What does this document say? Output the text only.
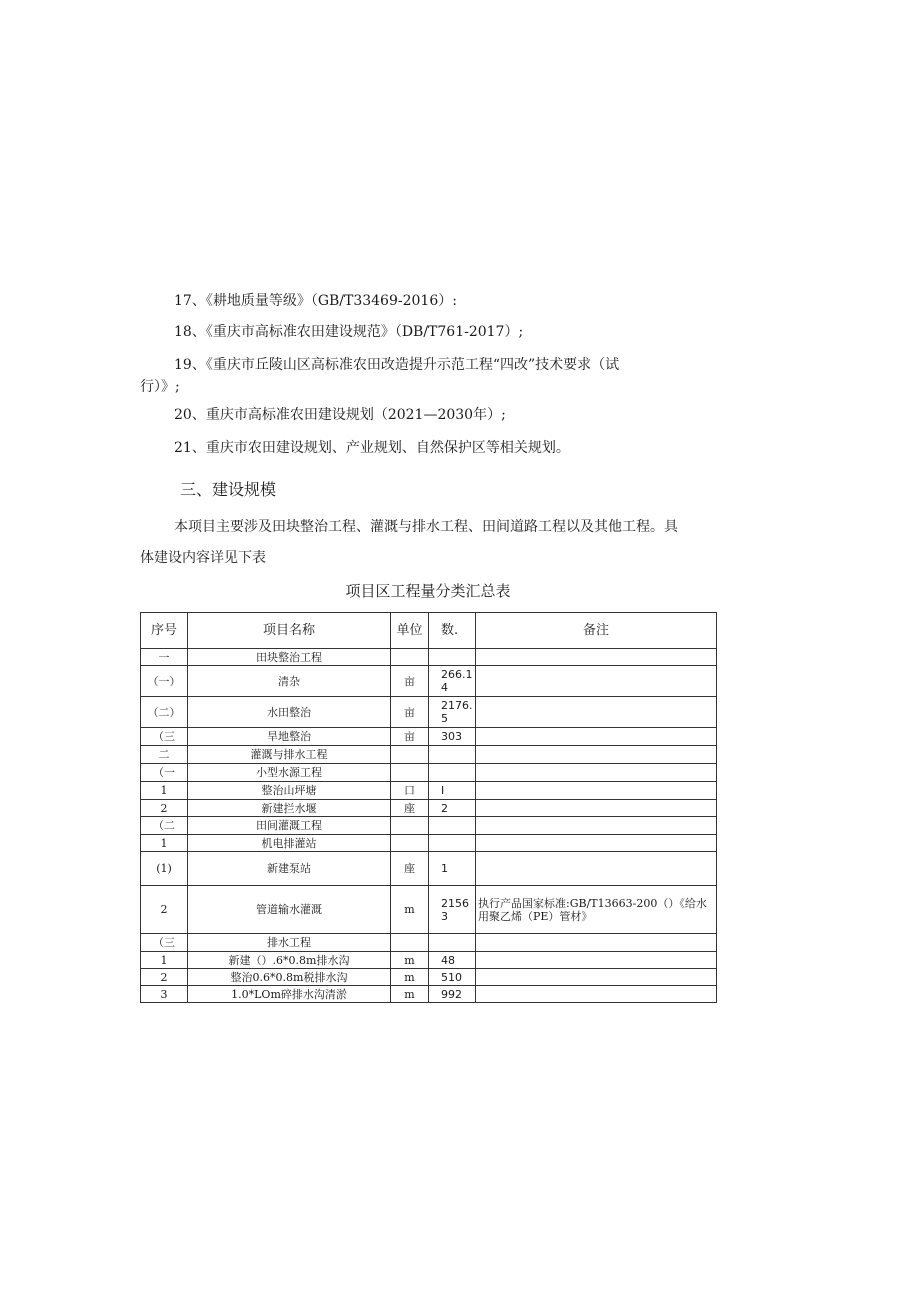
17、《耕地质量等级》（GB/T33469-2016）:
18、《重庆市高标准农田建设规范》（DB/T761-2017）;
19、《重庆市丘陵山区高标准农田改造提升示范工程“四改”技术要求（试
行）》;
20、重庆市高标准农田建设规划（2021—2030年）;
21、重庆市农田建设规划、产业规划、自然保护区等相关规划。
三、建设规模
本项目主要涉及田块整治工程、灌溉与排水工程、田间道路工程以及其他工程。具
体建设内容详见下表
项目区工程量分类汇总表
序号	项目名称	单位	数.	备注
一	田块整治工程			
（一）	清杂	亩	266.14	
（二）	水田整治	亩	2176.5	
（三	旱地整治	亩	303	
二	灌溉与排水工程			
（一	小型水源工程			
1	整治山坪塘	口	I	
2	新建拦水堰	座	2	
（二	田间灌溉工程			
1	机电排灌站			
(1)	新建泵站	座	1	
2	管道输水灌溉	m	21563	执行产品国家标准:GB/T13663-200（）《给水用聚乙烯（PE）管材》
（三	排水工程			
1	新建（）.6*0.8m排水沟	m	48	
2	整治0.6*0.8m税排水沟	m	510	
3	1.0*LOm碎排水沟清淤	m	992	
